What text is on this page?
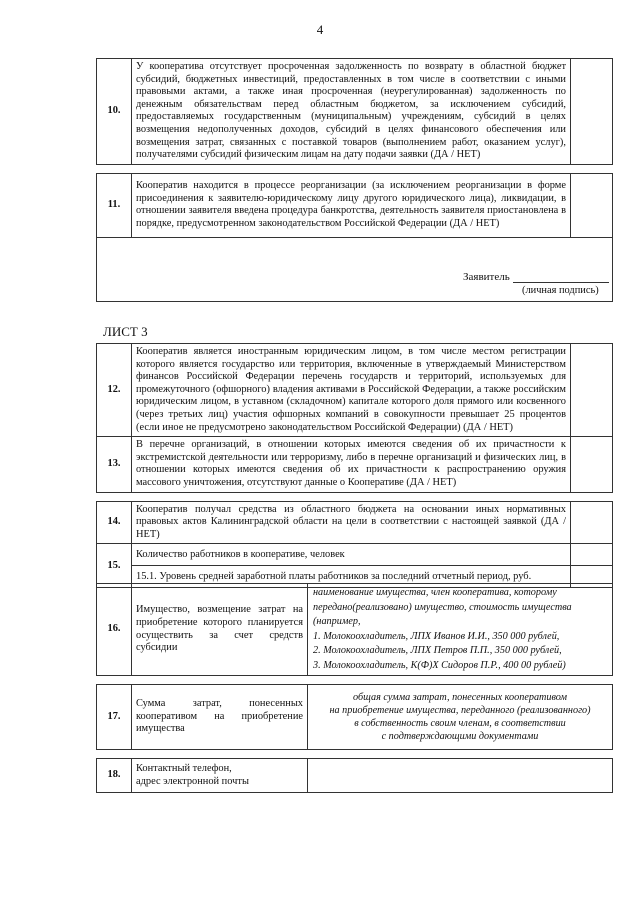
4
10.	У кооператива отсутствует просроченная задолженность по возврату в областной бюджет субсидий, бюджетных инвестиций, предоставленных в том числе в соответствии с иными правовыми актами, а также иная просроченная (неурегулированная) задолженность по денежным обязательствам перед областным бюджетом, за исключением субсидий, предоставляемых государственным (муниципальным) учреждениям, субсидий в целях возмещения недополученных доходов, субсидий в целях финансового обеспечения или возмещения затрат, связанных с поставкой товаров (выполнением работ, оказанием услуг), получателями субсидий физическим лицам на дату подачи заявки (ДА / НЕТ)	

11.	Кооператив находится в процессе реорганизации (за исключением реорганизации в форме присоединения к заявителю-юридическому лицу другого юридического лица), ликвидации, в отношении заявителя введена процедура банкротства, деятельность заявителя приостановлена в порядке, предусмотренном законодательством Российской Федерации (ДА / НЕТ)	

Заявитель
(личная подпись)		
ЛИСТ 3
12.	Кооператив является иностранным юридическим лицом, в том числе местом регистрации которого является государство или территория, включенные в утверждаемый Министерством финансов Российской Федерации перечень государств и территорий, используемых для промежуточного (офшорного) владения активами в Российской Федерации, а также российским юридическим лицом, в уставном (складочном) капитале которого доля прямого или косвенного (через третьих лиц) участия офшорных компаний в совокупности превышает 25 процентов (если иное не предусмотрено законодательством Российской Федерации) (ДА / НЕТ)	
13.	В перечне организаций, в отношении которых имеются сведения об их причастности к экстремистской деятельности или терроризму, либо в перечне организаций и физических лиц, в отношении которых имеются сведения об их причастности к распространению оружия массового уничтожения, отсутствуют данные о Кооперативе (ДА / НЕТ)	

14.	Кооператив получал средства из областного бюджета на основании иных нормативных правовых актов Калининградской области на цели в соответствии с настоящей заявкой (ДА / НЕТ)	
15.	Количество работников в кооперативе, человек	
	15.1. Уровень средней заработной платы работников за последний отчетный период, руб.	
16.	Имущество, возмещение затрат на приобретение которого планируется осуществить за счет средств субсидии	наименование имущества, член кооператива, которому передано(реализовано) имущество, стоимость имущества (например,
1. Молокоохладитель, ЛПХ Иванов И.И., 350 000 рублей,
2. Молокоохладитель, ЛПХ Петров П.П., 350 000 рублей,
3. Молокоохладитель, К(Ф)Х Сидоров П.Р., 400 00 рублей)

17.	Сумма затрат, понесенных кооперативом на приобретение имущества	общая сумма затрат, понесенных кооперативом
на приобретение имущества, переданного (реализованного)
в собственность своим членам, в соответствии
с подтверждающими документами

18.	Контактный телефон,
адрес электронной почты	
